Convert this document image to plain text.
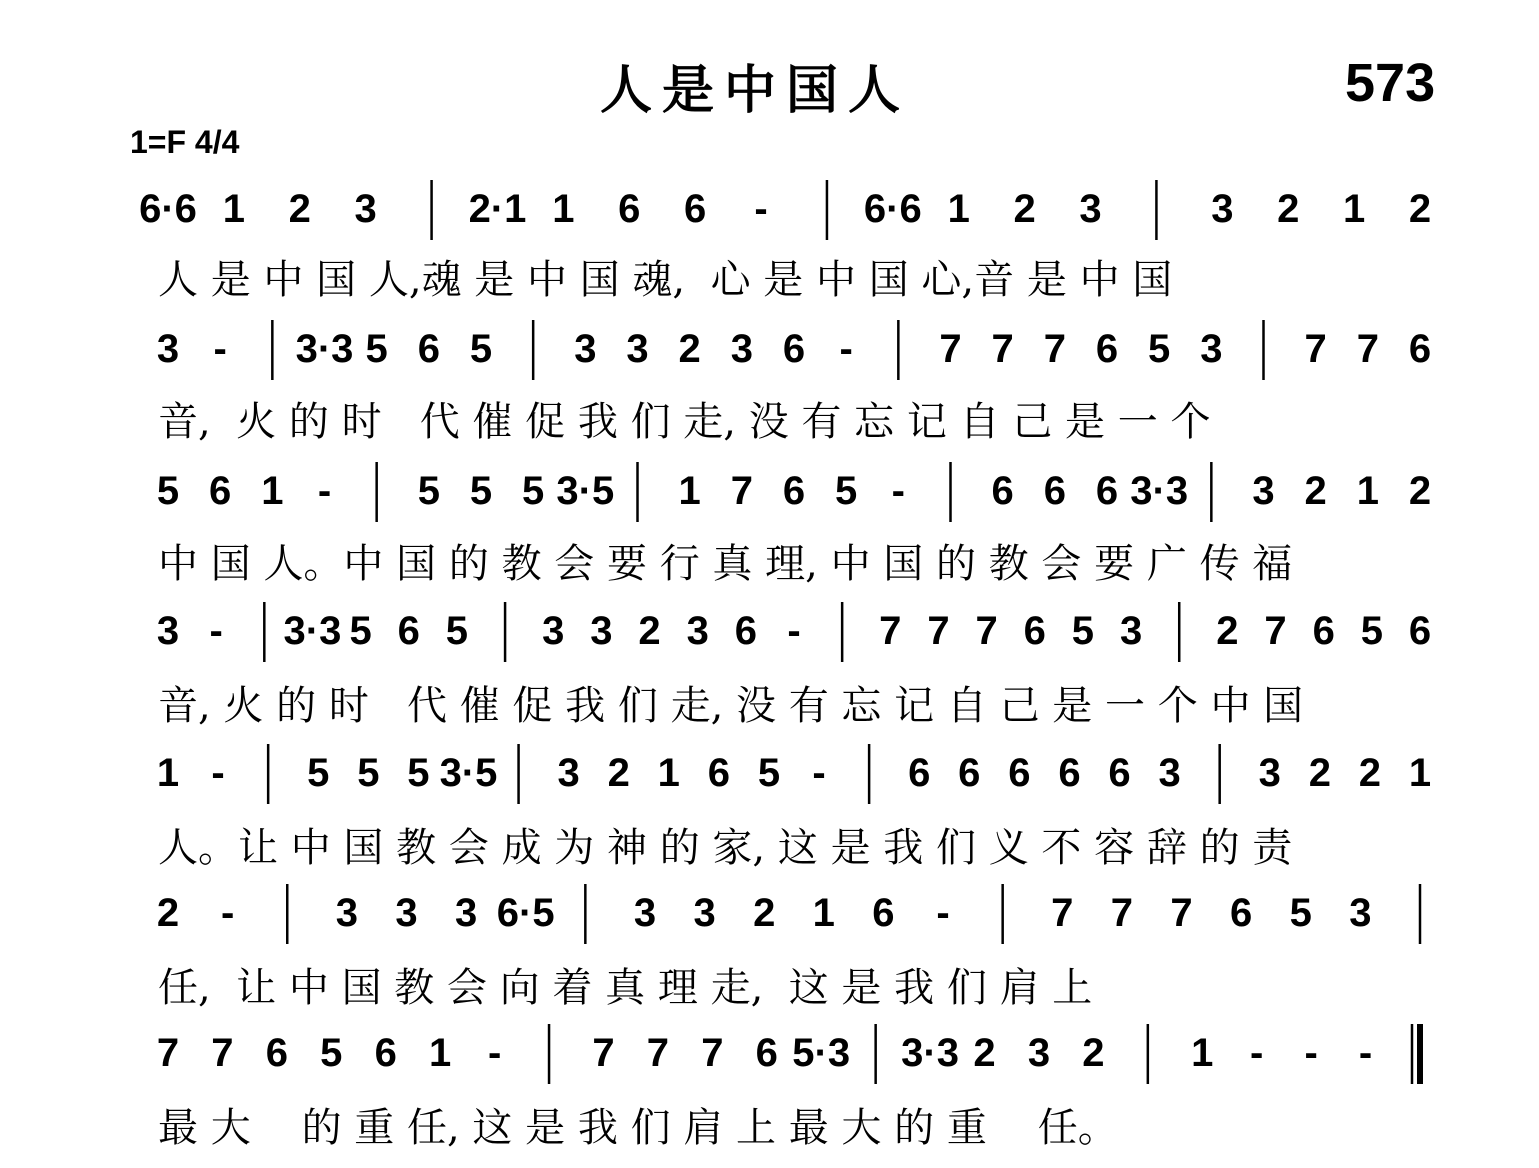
人是中国人	573
1=F 4/4
6·6 1 2 3 2·1 1 6 6 - 6·6 1 2 3	3 2 1 2
3 - 3·3 5 6 5 3 3 2 3 6 - 7 7 7 6 5 3 7 7 6
5 6 1 - 5 5 5 3·5 1 7 6 5 - 6 6 6 3·3 3 2 1 2
3 - 3·3 5 6 5 3 3 2 3 6 - 7 7 7 6 5 3 2 7 6 5 6
1 - 5 5 5 3·5 3 2 1 6 5 - 6 6 6 6 6 3 3 2 2 1
2 -	3 3 3 6·5 3 3 2 1 6 -	7 7 7 6 5 3
7 7 6 5 6 1 - 7 7 7 6 5·3 3·3 2 3 2 1 - - -
人 是 中 国 人,魂 是 中 国 魂,  心 是 中 国 心,音 是 中 国
音,  火 的 时   代 催 促 我 们 走, 没 有 忘 记 自 己 是 一 个
中 国 人。中 国 的 教 会 要 行 真 理, 中 国 的 教 会 要 广 传 福
音, 火 的 时   代 催 促 我 们 走, 没 有 忘 记 自 己 是 一 个 中 国
人。让 中 国 教 会 成 为 神 的 家, 这 是 我 们 义 不 容 辞 的 责
任,  让 中 国 教 会 向 着 真 理 走,  这 是 我 们 肩 上
最 大    的 重 任, 这 是 我 们 肩 上 最 大 的 重    任。
